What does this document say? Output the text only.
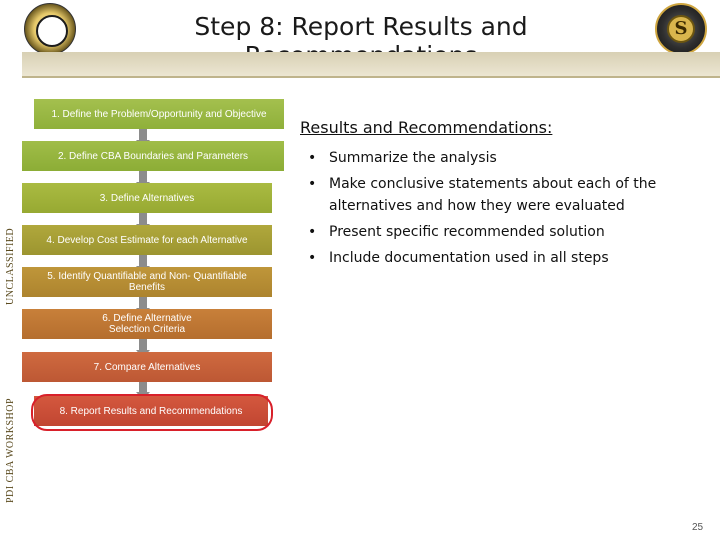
Step 8: Report Results and	S
UNCLASSIFIED
PDI CBA WORKSHOP
1. Define the Problem/Opportunity and Objective
2. Define CBA Boundaries and Parameters
3. Define Alternatives
4. Develop Cost Estimate for each Alternative
5. Identify Quantifiable and Non- Quantifiable Benefits
6. Define Alternative Selection Criteria
7. Compare Alternatives
8. Report Results and Recommendations
Results and Recommendations:
• Summarize the analysis
• Make conclusive statements about each of the alternatives and how they were evaluated
• Present specific recommended solution
• Include documentation used in all steps
25
